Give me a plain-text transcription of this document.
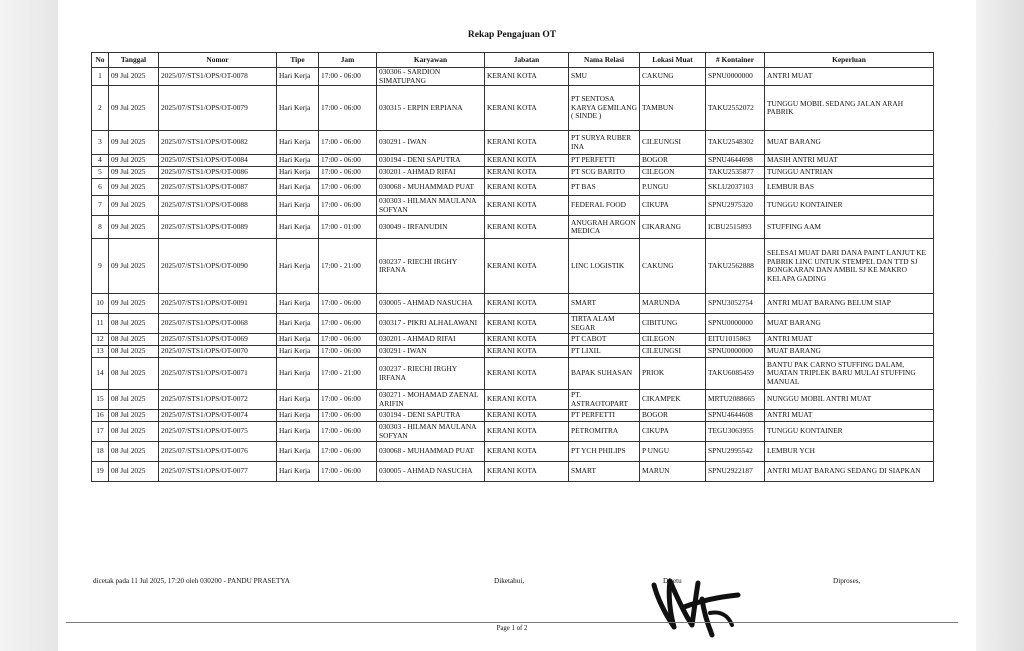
Rekap Pengajuan OT
No	Tanggal	Nomor	Tipe	Jam	Karyawan	Jabatan	Nama Relasi	Lokasi Muat	# Kontainer	Keperluan
1	09 Jul 2025	2025/07/STS1/OPS/OT-0078	Hari Kerja	17:00 - 06:00	030306 - SARDION SIMATUPANG	KERANI KOTA	SMU	CAKUNG	SPNU0000000	ANTRI MUAT
2	09 Jul 2025	2025/07/STS1/OPS/OT-0079	Hari Kerja	17:00 - 06:00	030315 - ERPIN ERPIANA	KERANI KOTA	PT SENTOSA KARYA GEMILANG ( SINDE )	TAMBUN	TAKU2552072	TUNGGU MOBIL SEDANG JALAN ARAH PABRIK
3	09 Jul 2025	2025/07/STS1/OPS/OT-0082	Hari Kerja	17:00 - 06:00	030291 - IWAN	KERANI KOTA	PT SURYA RUBER INA	CILEUNGSI	TAKU2548302	MUAT BARANG
4	09 Jul 2025	2025/07/STS1/OPS/OT-0084	Hari Kerja	17:00 - 06:00	030194 - DENI SAPUTRA	KERANI KOTA	PT PERFETTI	BOGOR	SPNU4644698	MASIH ANTRI MUAT
5	09 Jul 2025	2025/07/STS1/OPS/OT-0086	Hari Kerja	17:00 - 06:00	030201 - AHMAD RIFAI	KERANI KOTA	PT SCG BARITO	CILEGON	TAKU2535877	TUNGGU ANTRIAN
6	09 Jul 2025	2025/07/STS1/OPS/OT-0087	Hari Kerja	17:00 - 06:00	030068 - MUHAMMAD PUAT	KERANI KOTA	PT BAS	P.UNGU	SKLU2037103	LEMBUR BAS
7	09 Jul 2025	2025/07/STS1/OPS/OT-0088	Hari Kerja	17:00 - 06:00	030303 - HILMAN MAULANA SOFYAN	KERANI KOTA	FEDERAL FOOD	CIKUPA	SPNU2975320	TUNGGU KONTAINER
8	09 Jul 2025	2025/07/STS1/OPS/OT-0089	Hari Kerja	17:00 - 01:00	030049 - IRFANUDIN	KERANI KOTA	ANUGRAH ARGON MEDICA	CIKARANG	ICBU2515893	STUFFING AAM
9	09 Jul 2025	2025/07/STS1/OPS/OT-0090	Hari Kerja	17:00 - 21:00	030237 - RIECHI IRGHY IRFANA	KERANI KOTA	LINC LOGISTIK	CAKUNG	TAKU2562888	SELESAI MUAT DARI DANA PAINT LANJUT KE PABRIK LINC UNTUK STEMPEL DAN TTD SJ BONGKARAN DAN AMBIL SJ KE MAKRO KELAPA GADING
10	09 Jul 2025	2025/07/STS1/OPS/OT-0091	Hari Kerja	17:00 - 06:00	030005 - AHMAD NASUCHA	KERANI KOTA	SMART	MARUNDA	SPNU3052754	ANTRI MUAT BARANG BELUM SIAP
11	08 Jul 2025	2025/07/STS1/OPS/OT-0068	Hari Kerja	17:00 - 06:00	030317 - PIKRI ALHALAWANI	KERANI KOTA	TIRTA ALAM SEGAR	CIBITUNG	SPNU0000000	MUAT BARANG
12	08 Jul 2025	2025/07/STS1/OPS/OT-0069	Hari Kerja	17:00 - 06:00	030201 - AHMAD RIFAI	KERANI KOTA	PT CABOT	CILEGON	EITU1015863	ANTRI MUAT
13	08 Jul 2025	2025/07/STS1/OPS/OT-0070	Hari Kerja	17:00 - 06:00	030291 - IWAN	KERANI KOTA	PT LIXIL	CILEUNGSI	SPNU0000000	MUAT BARANG
14	08 Jul 2025	2025/07/STS1/OPS/OT-0071	Hari Kerja	17:00 - 21:00	030237 - RIECHI IRGHY IRFANA	KERANI KOTA	BAPAK SUHASAN	PRIOK	TAKU6085459	BANTU PAK CARNO STUFFING DALAM, MUATAN TRIPLEK BARU MULAI STUFFING MANUAL
15	08 Jul 2025	2025/07/STS1/OPS/OT-0072	Hari Kerja	17:00 - 06:00	030271 - MOHAMAD ZAENAL ARIFIN	KERANI KOTA	PT. ASTRAOTOPART	CIKAMPEK	MRTU2088665	NUNGGU MOBIL ANTRI MUAT
16	08 Jul 2025	2025/07/STS1/OPS/OT-0074	Hari Kerja	17:00 - 06:00	030194 - DENI SAPUTRA	KERANI KOTA	PT PERFETTI	BOGOR	SPNU4644608	ANTRI MUAT
17	08 Jul 2025	2025/07/STS1/OPS/OT-0075	Hari Kerja	17:00 - 06:00	030303 - HILMAN MAULANA SOFYAN	KERANI KOTA	PETROMITRA	CIKUPA	TEGU3063955	TUNGGU KONTAINER
18	08 Jul 2025	2025/07/STS1/OPS/OT-0076	Hari Kerja	17:00 - 06:00	030068 - MUHAMMAD PUAT	KERANI KOTA	PT YCH PHILIPS	P UNGU	SPNU2995542	LEMBUR YCH
19	08 Jul 2025	2025/07/STS1/OPS/OT-0077	Hari Kerja	17:00 - 06:00	030005 - AHMAD NASUCHA	KERANI KOTA	SMART	MARUN	SPNU2922187	ANTRI MUAT BARANG SEDANG DI SIAPKAN
dicetak pada 11 Jul 2025, 17:20 oleh 030200 - PANDU PRASETYA	Diketahui,	Disetu	Diproses,
Page 1 of 2
